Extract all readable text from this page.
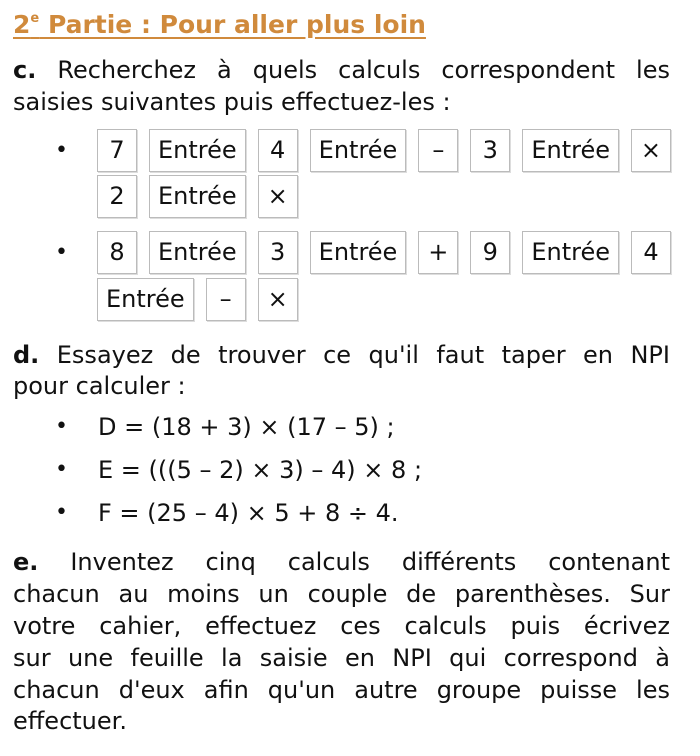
2e Partie : Pour aller plus loin
c. Recherchez à quels calculs correspondent les
saisies suivantes puis effectuez-les :
•	7	Entrée	4	Entrée	–	3	Entrée	×
2	Entrée	×
•	8	Entrée	3	Entrée	+	9	Entrée	4
Entrée	–	×
d. Essayez de trouver ce qu'il faut taper en NPI
pour calculer :
• D = (18 + 3) × (17 – 5) ;
• E = (((5 – 2) × 3) – 4) × 8 ;
• F = (25 – 4) × 5 + 8 ÷ 4.
e. Inventez cinq calculs différents contenant
chacun au moins un couple de parenthèses. Sur
votre cahier, effectuez ces calculs puis écrivez
sur une feuille la saisie en NPI qui correspond à
chacun d'eux afin qu'un autre groupe puisse les
effectuer.
